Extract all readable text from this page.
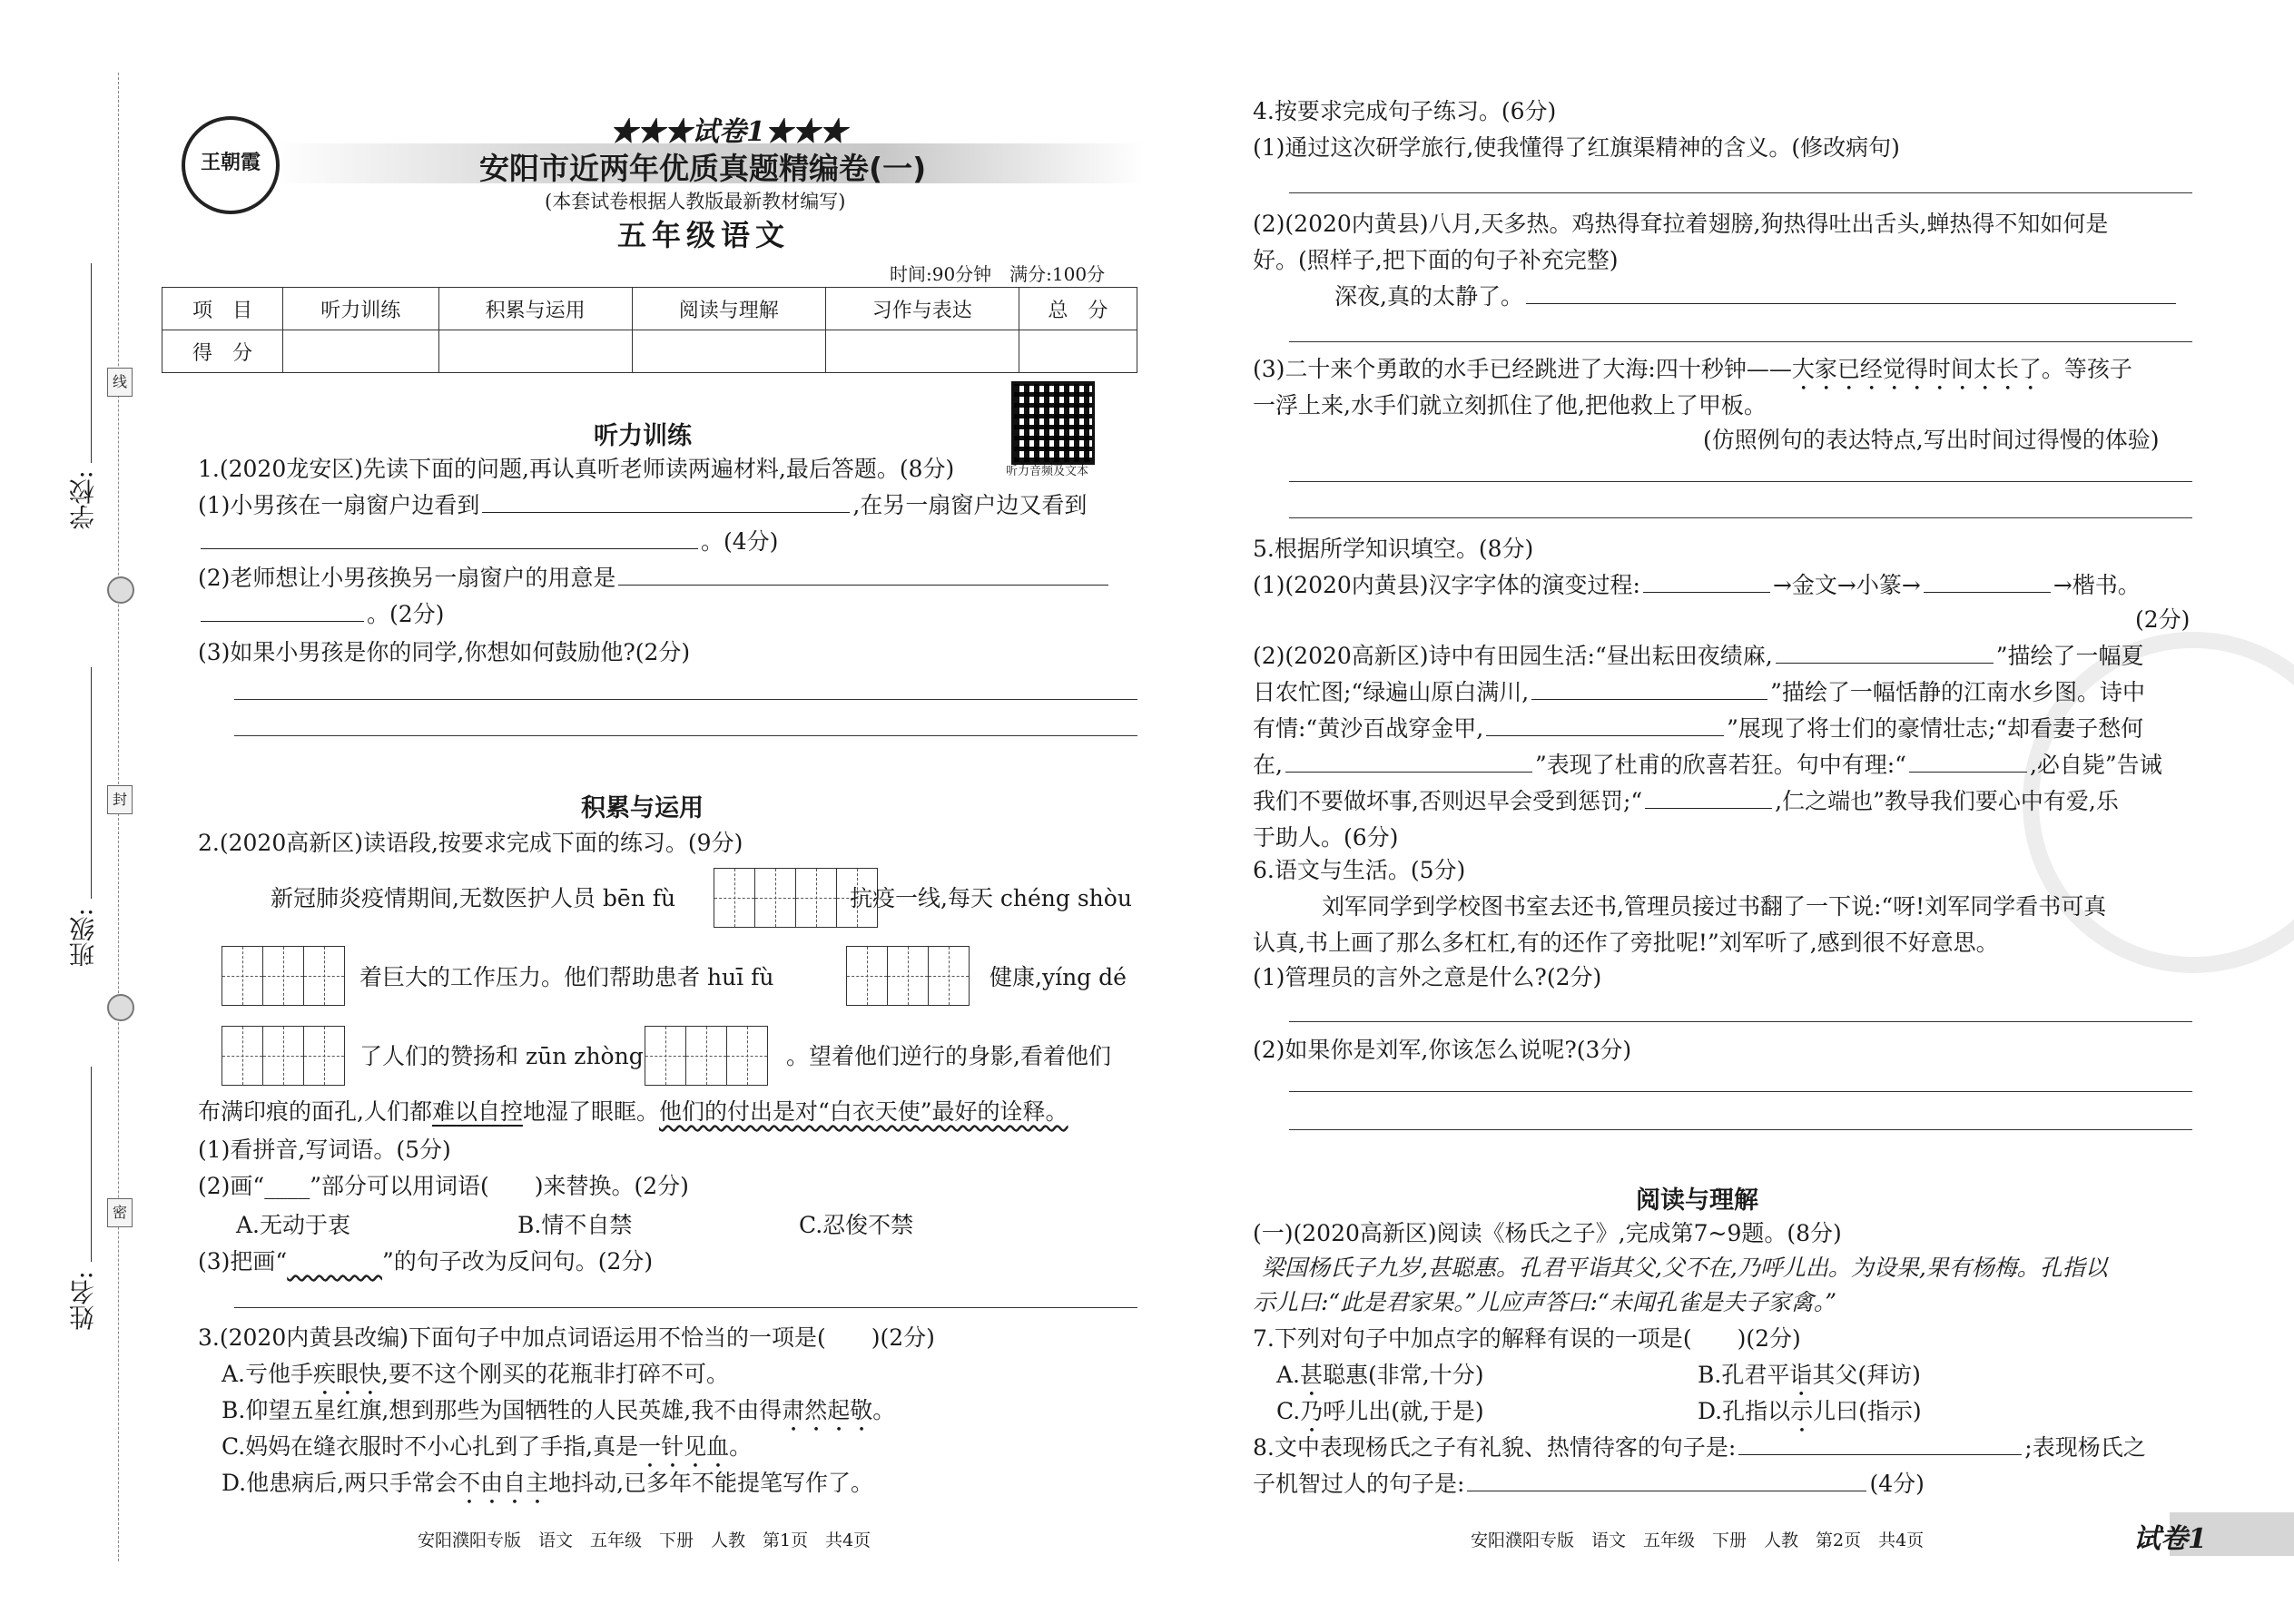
线
封
密
学校:
班级:
姓名:
王朝霞
★★★试卷1★★★
安阳市近两年优质真题精编卷(一)
(本套试卷根据人教版最新教材编写)
五年级语文
时间:90分钟　满分:100分
项　目	听力训练	积累与运用	阅读与理解	习作与表达	总　分
得　分					
听力音频及文本
听力训练
1.(2020龙安区)先读下面的问题,再认真听老师读两遍材料,最后答题。(8分)
(1)小男孩在一扇窗户边看到	,在另一扇窗户边又看到
。(4分)
(2)老师想让小男孩换另一扇窗户的用意是
。(2分)
(3)如果小男孩是你的同学,你想如何鼓励他?(2分)
积累与运用
2.(2020高新区)读语段,按要求完成下面的练习。(9分)
新冠肺炎疫情期间,无数医护人员 bēn fù	抗疫一线,每天 chéng shòu
着巨大的工作压力。他们帮助患者 huī fù	健康,yíng dé
了人们的赞扬和 zūn zhòng	。望着他们逆行的身影,看着他们
布满印痕的面孔,人们都难以自控地湿了眼眶。他们的付出是对“白衣天使”最好的诠释。
(1)看拼音,写词语。(5分)
(2)画“____”部分可以用词语(　　)来替换。(2分)
A.无动于衷	B.情不自禁	C.忍俊不禁
(3)把画“	”的句子改为反问句。(2分)
3.(2020内黄县改编)下面句子中加点词语运用不恰当的一项是(　　)(2分)
A.亏他手疾眼快,要不这个刚买的花瓶非打碎不可。
B.仰望五星红旗,想到那些为国牺牲的人民英雄,我不由得肃然起敬。
C.妈妈在缝衣服时不小心扎到了手指,真是一针见血。
D.他患病后,两只手常会不由自主地抖动,已多年不能提笔写作了。
安阳濮阳专版　语文　五年级　下册　人教　第1页　共4页
4.按要求完成句子练习。(6分)
(1)通过这次研学旅行,使我懂得了红旗渠精神的含义。(修改病句)
(2)(2020内黄县)八月,天多热。鸡热得耷拉着翅膀,狗热得吐出舌头,蝉热得不知如何是
好。(照样子,把下面的句子补充完整)
深夜,真的太静了。
(3)二十来个勇敢的水手已经跳进了大海:四十秒钟——大家已经觉得时间太长了。等孩子
一浮上来,水手们就立刻抓住了他,把他救上了甲板。
(仿照例句的表达特点,写出时间过得慢的体验)
5.根据所学知识填空。(8分)
(1)(2020内黄县)汉字字体的演变过程:	→金文→小篆→	→楷书。
(2分)
(2)(2020高新区)诗中有田园生活:“昼出耘田夜绩麻,	”描绘了一幅夏
日农忙图;“绿遍山原白满川,	”描绘了一幅恬静的江南水乡图。诗中
有情:“黄沙百战穿金甲,	”展现了将士们的豪情壮志;“却看妻子愁何
在,	”表现了杜甫的欣喜若狂。句中有理:“	,必自毙”告诫
我们不要做坏事,否则迟早会受到惩罚;“	,仁之端也”教导我们要心中有爱,乐
于助人。(6分)
6.语文与生活。(5分)
刘军同学到学校图书室去还书,管理员接过书翻了一下说:“呀!刘军同学看书可真
认真,书上画了那么多杠杠,有的还作了旁批呢!”刘军听了,感到很不好意思。
(1)管理员的言外之意是什么?(2分)
(2)如果你是刘军,你该怎么说呢?(3分)
阅读与理解
(一)(2020高新区)阅读《杨氏之子》,完成第7~9题。(8分)
梁国杨氏子九岁,甚聪惠。孔君平诣其父,父不在,乃呼儿出。为设果,果有杨梅。孔指以
示儿曰:“此是君家果。”儿应声答曰:“未闻孔雀是夫子家禽。”
7.下列对句子中加点字的解释有误的一项是(　　)(2分)
A.甚聪惠(非常,十分)	B.孔君平诣其父(拜访)
C.乃呼儿出(就,于是)	D.孔指以示儿曰(指示)
8.文中表现杨氏之子有礼貌、热情待客的句子是:	;表现杨氏之
子机智过人的句子是:	(4分)
安阳濮阳专版　语文　五年级　下册　人教　第2页　共4页	试卷1
